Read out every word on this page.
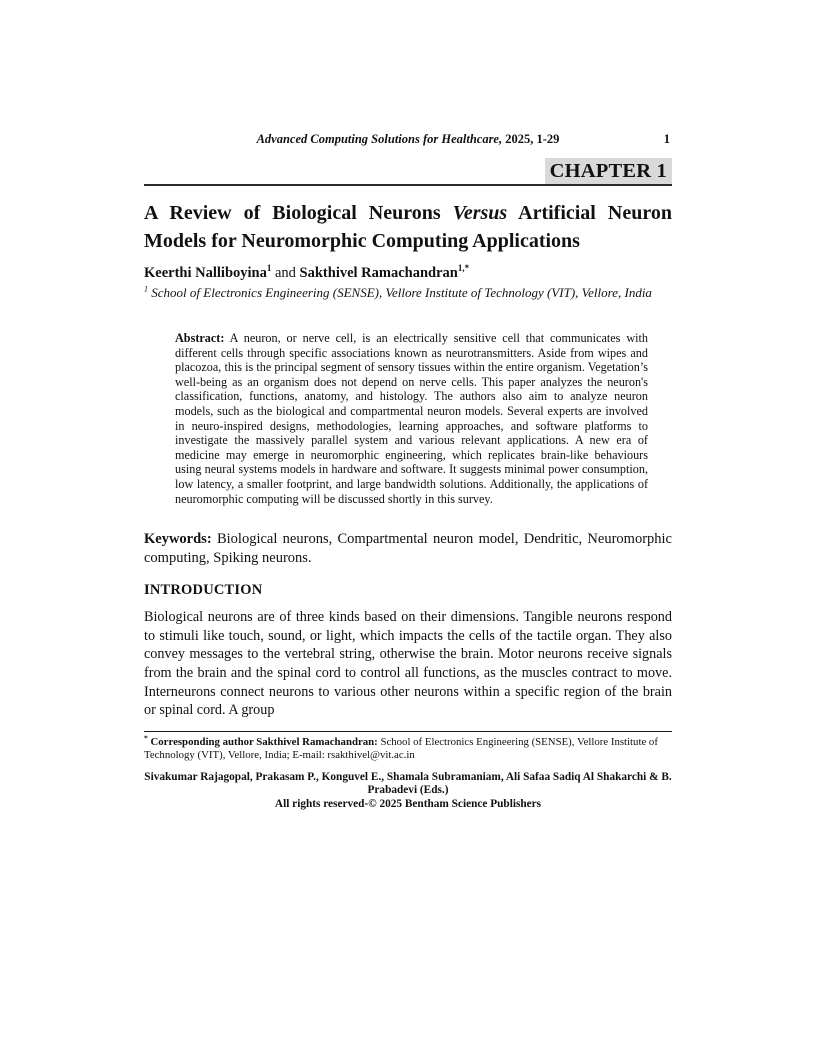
Advanced Computing Solutions for Healthcare, 2025, 1-29	1
CHAPTER 1
A Review of Biological Neurons Versus Artificial Neuron Models for Neuromorphic Computing Applications

Keerthi Nalliboyina$^1$ and Sakthivel Ramachandran$^{1,*}$

$^1$ School of Electronics Engineering (SENSE), Vellore Institute of Technology (VIT), Vellore, India

Abstract: A neuron, or nerve cell, is an electrically sensitive cell that communicates with different cells through specific associations known as neurotransmitters. Aside from wipes and placozoa, this is the principal segment of sensory tissues within the entire organism. Vegetation’s well-being as an organism does not depend on nerve cells. This paper analyzes the neuron's classification, functions, anatomy, and histology. The authors also aim to analyze neuron models, such as the biological and compartmental neuron models. Several experts are involved in neuro-inspired designs, methodologies, learning approaches, and software platforms to investigate the massively parallel system and various relevant applications. A new era of medicine may emerge in neuromorphic engineering, which replicates brain-like behaviours using neural systems models in hardware and software. It suggests minimal power consumption, low latency, a smaller footprint, and large bandwidth solutions. Additionally, the applications of neuromorphic computing will be discussed shortly in this survey.

Keywords: Biological neurons, Compartmental neuron model, Dendritic, Neuromorphic computing, Spiking neurons.

INTRODUCTION

Biological neurons are of three kinds based on their dimensions. Tangible neurons respond to stimuli like touch, sound, or light, which impacts the cells of the tactile organ. They also convey messages to the vertebral string, otherwise the brain. Motor neurons receive signals from the brain and the spinal cord to control all functions, as the muscles contract to move. Interneurons connect neurons to various other neurons within a specific region of the brain or spinal cord. A group

* Corresponding author Sakthivel Ramachandran: School of Electronics Engineering (SENSE), Vellore Institute of Technology (VIT), Vellore, India; E-mail: rsakthivel@vit.ac.in
Sivakumar Rajagopal, Prakasam P., Konguvel E., Shamala Subramaniam, Ali Safaa Sadiq Al Shakarchi & B. Prabadevi (Eds.)
All rights reserved-© 2025 Bentham Science Publishers
